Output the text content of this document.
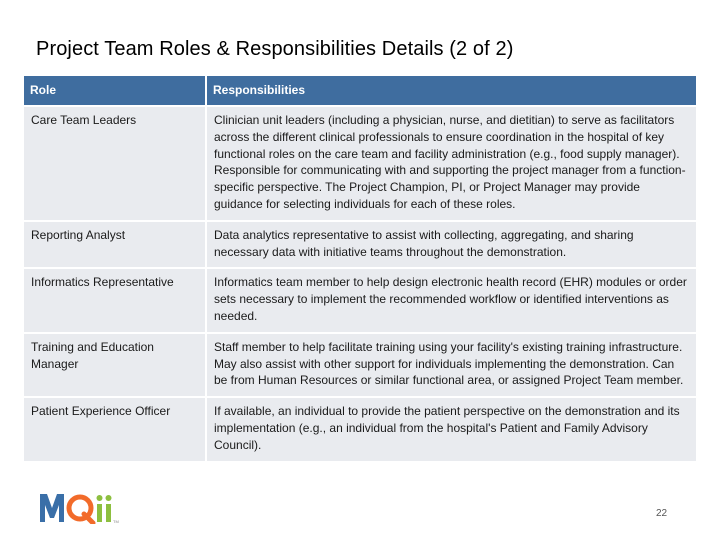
Project Team Roles & Responsibilities Details (2 of 2)
Role	Responsibilities
Care Team Leaders	Clinician unit leaders (including a physician, nurse, and dietitian) to serve as facilitators across the different clinical professionals to ensure coordination in the hospital of key functional roles on the care team and facility administration (e.g., food supply manager). Responsible for communicating with and supporting the project manager from a function-specific perspective. The Project Champion, PI, or Project Manager may provide guidance for selecting individuals for each of these roles.
Reporting Analyst	Data analytics representative to assist with collecting, aggregating, and sharing necessary data with initiative teams throughout the demonstration.
Informatics Representative	Informatics team member to help design electronic health record (EHR) modules or order sets necessary to implement the recommended workflow or identified interventions as needed.
Training and Education Manager	Staff member to help facilitate training using your facility's existing training infrastructure. May also assist with other support for individuals implementing the demonstration. Can be from Human Resources or similar functional area, or assigned Project Team member.
Patient Experience Officer	If available, an individual to provide the patient perspective on the demonstration and its implementation (e.g., an individual from the hospital's Patient and Family Advisory Council).
TM
22
